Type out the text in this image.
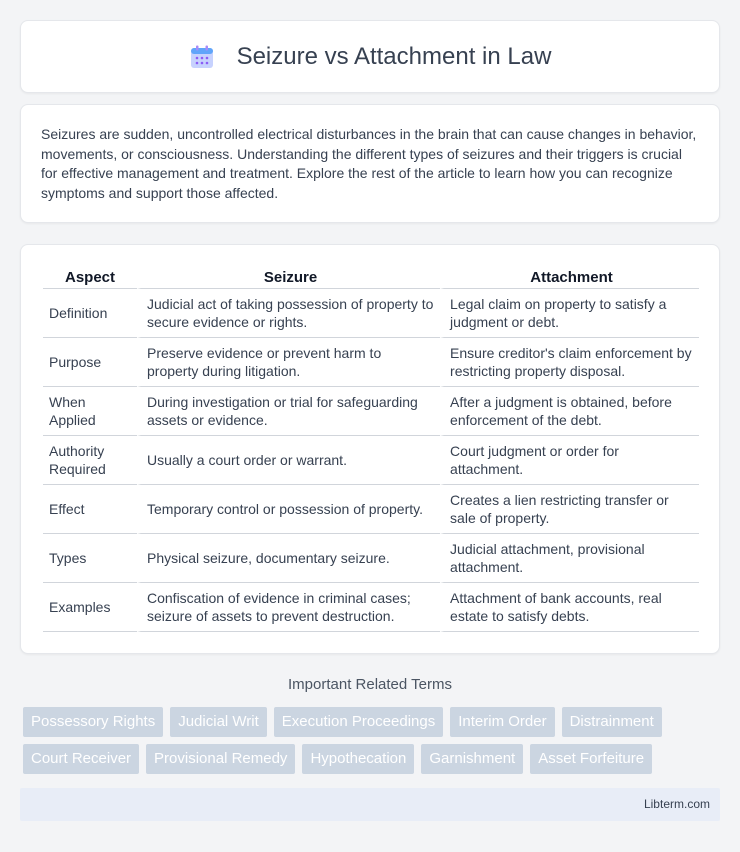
Seizure vs Attachment in Law

Seizures are sudden, uncontrolled electrical disturbances in the brain that can cause changes in behavior, movements, or consciousness. Understanding the different types of seizures and their triggers is crucial for effective management and treatment. Explore the rest of the article to learn how you can recognize symptoms and support those affected.

Aspect	Seizure	Attachment
Definition	Judicial act of taking possession of property to secure evidence or rights.	Legal claim on property to satisfy a judgment or debt.
Purpose	Preserve evidence or prevent harm to property during litigation.	Ensure creditor's claim enforcement by restricting property disposal.
When Applied	During investigation or trial for safeguarding assets or evidence.	After a judgment is obtained, before enforcement of the debt.
Authority Required	Usually a court order or warrant.	Court judgment or order for attachment.
Effect	Temporary control or possession of property.	Creates a lien restricting transfer or sale of property.
Types	Physical seizure, documentary seizure.	Judicial attachment, provisional attachment.
Examples	Confiscation of evidence in criminal cases; seizure of assets to prevent destruction.	Attachment of bank accounts, real estate to satisfy debts.
Important Related Terms
Possessory Rights	Judicial Writ	Execution Proceedings	Interim Order	Distrainment
Court Receiver	Provisional Remedy	Hypothecation	Garnishment	Asset Forfeiture
Libterm.com
